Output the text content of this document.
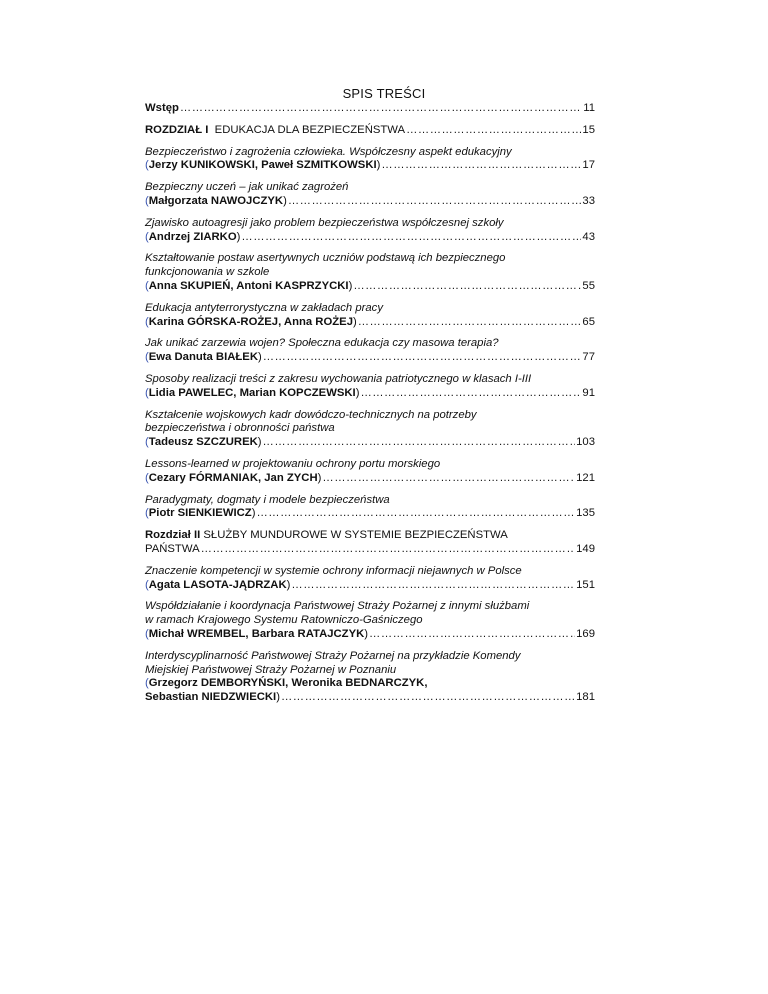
SPIS TREŚCI
Wstęp ……………………………………………………………………………………………………………………………………………………………………	11
ROZDZIAŁ I EDUKACJA DLA BEZPIECZEŃSTWA ……………………………………………………………………………………………………………………………………………………………………	15
Bezpieczeństwo i zagrożenia człowieka. Współczesny aspekt edukacyjny
(Jerzy KUNIKOWSKI, Paweł SZMITKOWSKI) ……………………………………………………………………………………………………………………………………………………………………	17
Bezpieczny uczeń – jak unikać zagrożeń
(Małgorzata NAWOJCZYK) ……………………………………………………………………………………………………………………………………………………………………	33
Zjawisko autoagresji jako problem bezpieczeństwa współczesnej szkoły
(Andrzej ZIARKO) ……………………………………………………………………………………………………………………………………………………………………	43
Kształtowanie postaw asertywnych uczniów podstawą ich bezpiecznego
funkcjonowania w szkole
(Anna SKUPIEŃ, Antoni KASPRZYCKI) ……………………………………………………………………………………………………………………………………………………………………	55
Edukacja antyterrorystyczna w zakładach pracy
(Karina GÓRSKA-ROŻEJ, Anna ROŻEJ) ……………………………………………………………………………………………………………………………………………………………………	65
Jak unikać zarzewia wojen? Społeczna edukacja czy masowa terapia?
(Ewa Danuta BIAŁEK) ……………………………………………………………………………………………………………………………………………………………………	77
Sposoby realizacji treści z zakresu wychowania patriotycznego w klasach I-III
(Lidia PAWELEC, Marian KOPCZEWSKI) ……………………………………………………………………………………………………………………………………………………………………	91
Kształcenie wojskowych kadr dowódczo-technicznych na potrzeby
bezpieczeństwa i obronności państwa
(Tadeusz SZCZUREK) ……………………………………………………………………………………………………………………………………………………………………	103
Lessons-learned w projektowaniu ochrony portu morskiego
(Cezary FÓRMANIAK, Jan ZYCH) ……………………………………………………………………………………………………………………………………………………………………	121
Paradygmaty, dogmaty i modele bezpieczeństwa
(Piotr SIENKIEWICZ) ……………………………………………………………………………………………………………………………………………………………………	135
Rozdział II SŁUŻBY MUNDUROWE W SYSTEMIE BEZPIECZEŃSTWA
PAŃSTWA ……………………………………………………………………………………………………………………………………………………………………	149
Znaczenie kompetencji w systemie ochrony informacji niejawnych w Polsce
(Agata LASOTA-JĄDRZAK) ……………………………………………………………………………………………………………………………………………………………………	151
Współdziałanie i koordynacja Państwowej Straży Pożarnej z innymi służbami
w ramach Krajowego Systemu Ratowniczo-Gaśniczego
(Michał WREMBEL, Barbara RATAJCZYK) ……………………………………………………………………………………………………………………………………………………………………	169
Interdyscyplinarność Państwowej Straży Pożarnej na przykładzie Komendy
Miejskiej Państwowej Straży Pożarnej w Poznaniu
(Grzegorz DEMBORYŃSKI, Weronika BEDNARCZYK,
Sebastian NIEDZWIECKI) ……………………………………………………………………………………………………………………………………………………………………	181
